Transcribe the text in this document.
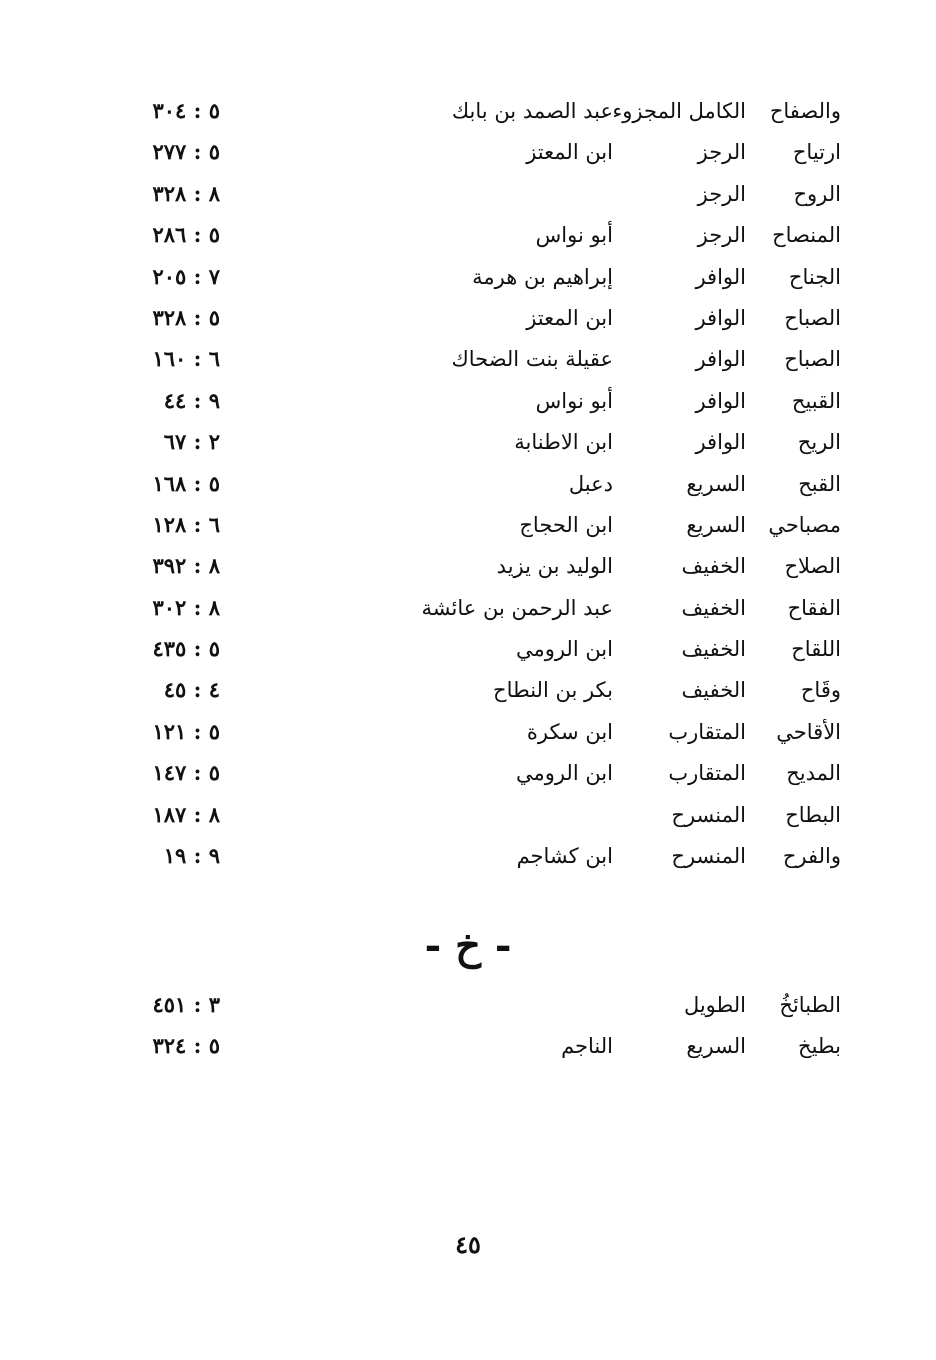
والصفاح
الكامل المجزوء
عبد الصمد بن بابك
٥ : ٣٠٤
ارتياح
الرجز
ابن المعتز
٥ : ٢٧٧
الروح
الرجز
٨ : ٣٢٨
المنصاح
الرجز
أبو نواس
٥ : ٢٨٦
الجناح
الوافر
إبراهيم بن هرمة
٧ : ٢٠٥
الصباح
الوافر
ابن المعتز
٥ : ٣٢٨
الصباح
الوافر
عقيلة بنت الضحاك
٦ : ١٦٠
القبيح
الوافر
أبو نواس
٩ : ٤٤
الريح
الوافر
ابن الاطنابة
٢ : ٦٧
القبح
السريع
دعبل
٥ : ١٦٨
مصباحي
السريع
ابن الحجاج
٦ : ١٢٨
الصلاح
الخفيف
الوليد بن يزيد
٨ : ٣٩٢
الفقاح
الخفيف
عبد الرحمن بن عائشة
٨ : ٣٠٢
اللقاح
الخفيف
ابن الرومي
٥ : ٤٣٥
وقَاح
الخفيف
بكر بن النطاح
٤ : ٤٥
الأقاحي
المتقارب
ابن سكرة
٥ : ١٢١
المديح
المتقارب
ابن الرومي
٥ : ١٤٧
البطاح
المنسرح
٨ : ١٨٧
والفرح
المنسرح
ابن كشاجم
٩ : ١٩
- خ -
الطبائخُ
الطويل
٣ : ٤٥١
بطيخ
السريع
الناجم
٥ : ٣٢٤
٤٥
